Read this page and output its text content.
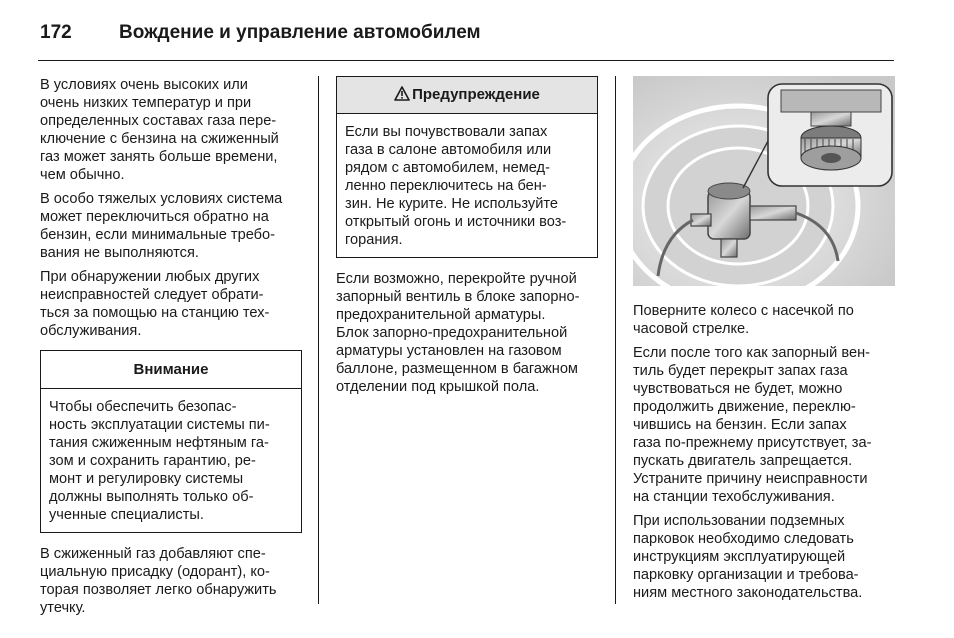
172 Вождение и управление автомобилем

В условиях очень высоких или
очень низких температур и при
определенных составах газа пере-
ключение с бензина на сжиженный
газ может занять больше времени,
чем обычно.

В особо тяжелых условиях система
может переключиться обратно на
бензин, если минимальные требо-
вания не выполняются.

При обнаружении любых других
неисправностей следует обрати-
ться за помощью на станцию тех-
обслуживания.

Внимание
Чтобы обеспечить безопас-
ность эксплуатации системы пи-
тания сжиженным нефтяным га-
зом и сохранить гарантию, ре-
монт и регулировку системы
должны выполнять только об-
ученные специалисты.

В сжиженный газ добавляют спе-
циальную присадку (одорант), ко-
торая позволяет легко обнаружить
утечку.

Предупреждение
Если вы почувствовали запах
газа в салоне автомобиля или
рядом с автомобилем, немед-
ленно переключитесь на бен-
зин. Не курите. Не используйте
открытый огонь и источники воз-
горания.

Если возможно, перекройте ручной
запорный вентиль в блоке запорно-
предохранительной арматуры.
Блок запорно-предохранительной
арматуры установлен на газовом
баллоне, размещенном в багажном
отделении под крышкой пола.

Поверните колесо с насечкой по
часовой стрелке.

Если после того как запорный вен-
тиль будет перекрыт запах газа
чувствоваться не будет, можно
продолжить движение, переклю-
чившись на бензин. Если запах
газа по-прежнему присутствует, за-
пускать двигатель запрещается.
Устраните причину неисправности
на станции техобслуживания.

При использовании подземных
парковок необходимо следовать
инструкциям эксплуатирующей
парковку организации и требова-
ниям местного законодательства.
